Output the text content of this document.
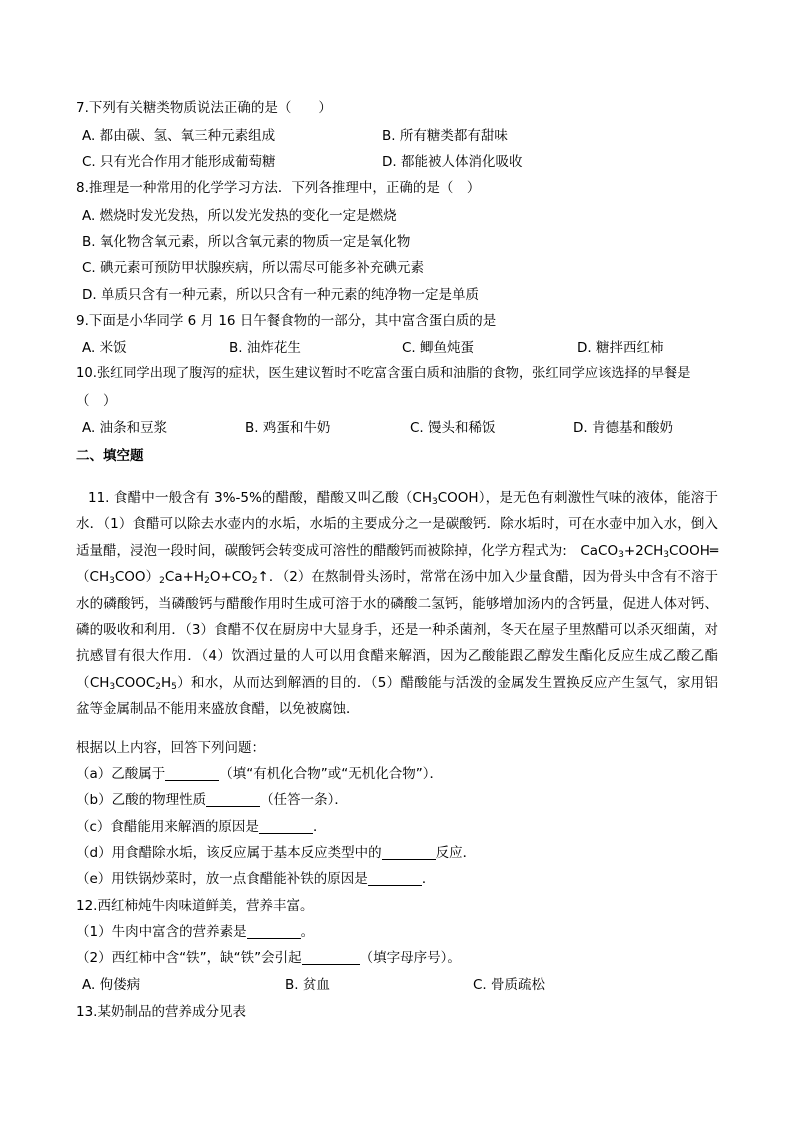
7.下列有关糖类物质说法正确的是（　　）
A. 都由碳、氢、氧三种元素组成	B. 所有糖类都有甜味
C. 只有光合作用才能形成葡萄糖	D. 都能被人体消化吸收
8.推理是一种常用的化学学习方法．下列各推理中，正确的是（　）
A. 燃烧时发光发热，所以发光发热的变化一定是燃烧
B. 氧化物含氧元素，所以含氧元素的物质一定是氧化物
C. 碘元素可预防甲状腺疾病，所以需尽可能多补充碘元素
D. 单质只含有一种元素，所以只含有一种元素的纯净物一定是单质
9.下面是小华同学 6 月 16 日午餐食物的一部分，其中富含蛋白质的是
A. 米饭	B. 油炸花生	C. 鲫鱼炖蛋	D. 糖拌西红柿
10.张红同学出现了腹泻的症状，医生建议暂时不吃富含蛋白质和油脂的食物，张红同学应该选择的早餐是
（　）
A. 油条和豆浆	B. 鸡蛋和牛奶	C. 馒头和稀饭	D. 肯德基和酸奶
二、填空题
11. 食醋中一般含有 3%-5%的醋酸，醋酸又叫乙酸$(CH_3COOH)$，是无色有刺激性气味的液体，能溶于水．（1）食醋可以除去水壶内的水垢，水垢的主要成分之一是碳酸钙．除水垢时，可在水壶中加入水，倒入适量醋，浸泡一段时间，碳酸钙会转变成可溶性的醋酸钙而被除掉，化学方程式为:　$CaCO_3+2CH_3COOH═(CH_3COO)_2Ca+H_2O+CO_2↑$．（2）在熬制骨头汤时，常常在汤中加入少量食醋，因为骨头中含有不溶于水的磷酸钙，当磷酸钙与醋酸作用时生成可溶于水的磷酸二氢钙，能够增加汤内的含钙量，促进人体对钙、磷的吸收和利用．（3）食醋不仅在厨房中大显身手，还是一种杀菌剂，冬天在屋子里熬醋可以杀灭细菌，对抗感冒有很大作用．（4）饮酒过量的人可以用食醋来解酒，因为乙酸能跟乙醇发生酯化反应生成乙酸乙酯$(CH_3COOC_2H_5)$和水，从而达到解酒的目的．（5）醋酸能与活泼的金属发生置换反应产生氢气，家用铝盆等金属制品不能用来盛放食醋，以免被腐蚀．
根据以上内容，回答下列问题：
（a）乙酸属于	（填“有机化合物”或“无机化合物”）．
（b）乙酸的物理性质	（任答一条）．
（c）食醋能用来解酒的原因是	．
（d）用食醋除水垢，该反应属于基本反应类型中的	反应．
（e）用铁锅炒菜时，放一点食醋能补铁的原因是	．
12.西红柿炖牛肉味道鲜美，营养丰富。
（1）牛肉中富含的营养素是	。
（2）西红柿中含“铁”，缺“铁”会引起	（填字母序号）。
A. 佝偻病	B. 贫血	C. 骨质疏松
13.某奶制品的营养成分见表
